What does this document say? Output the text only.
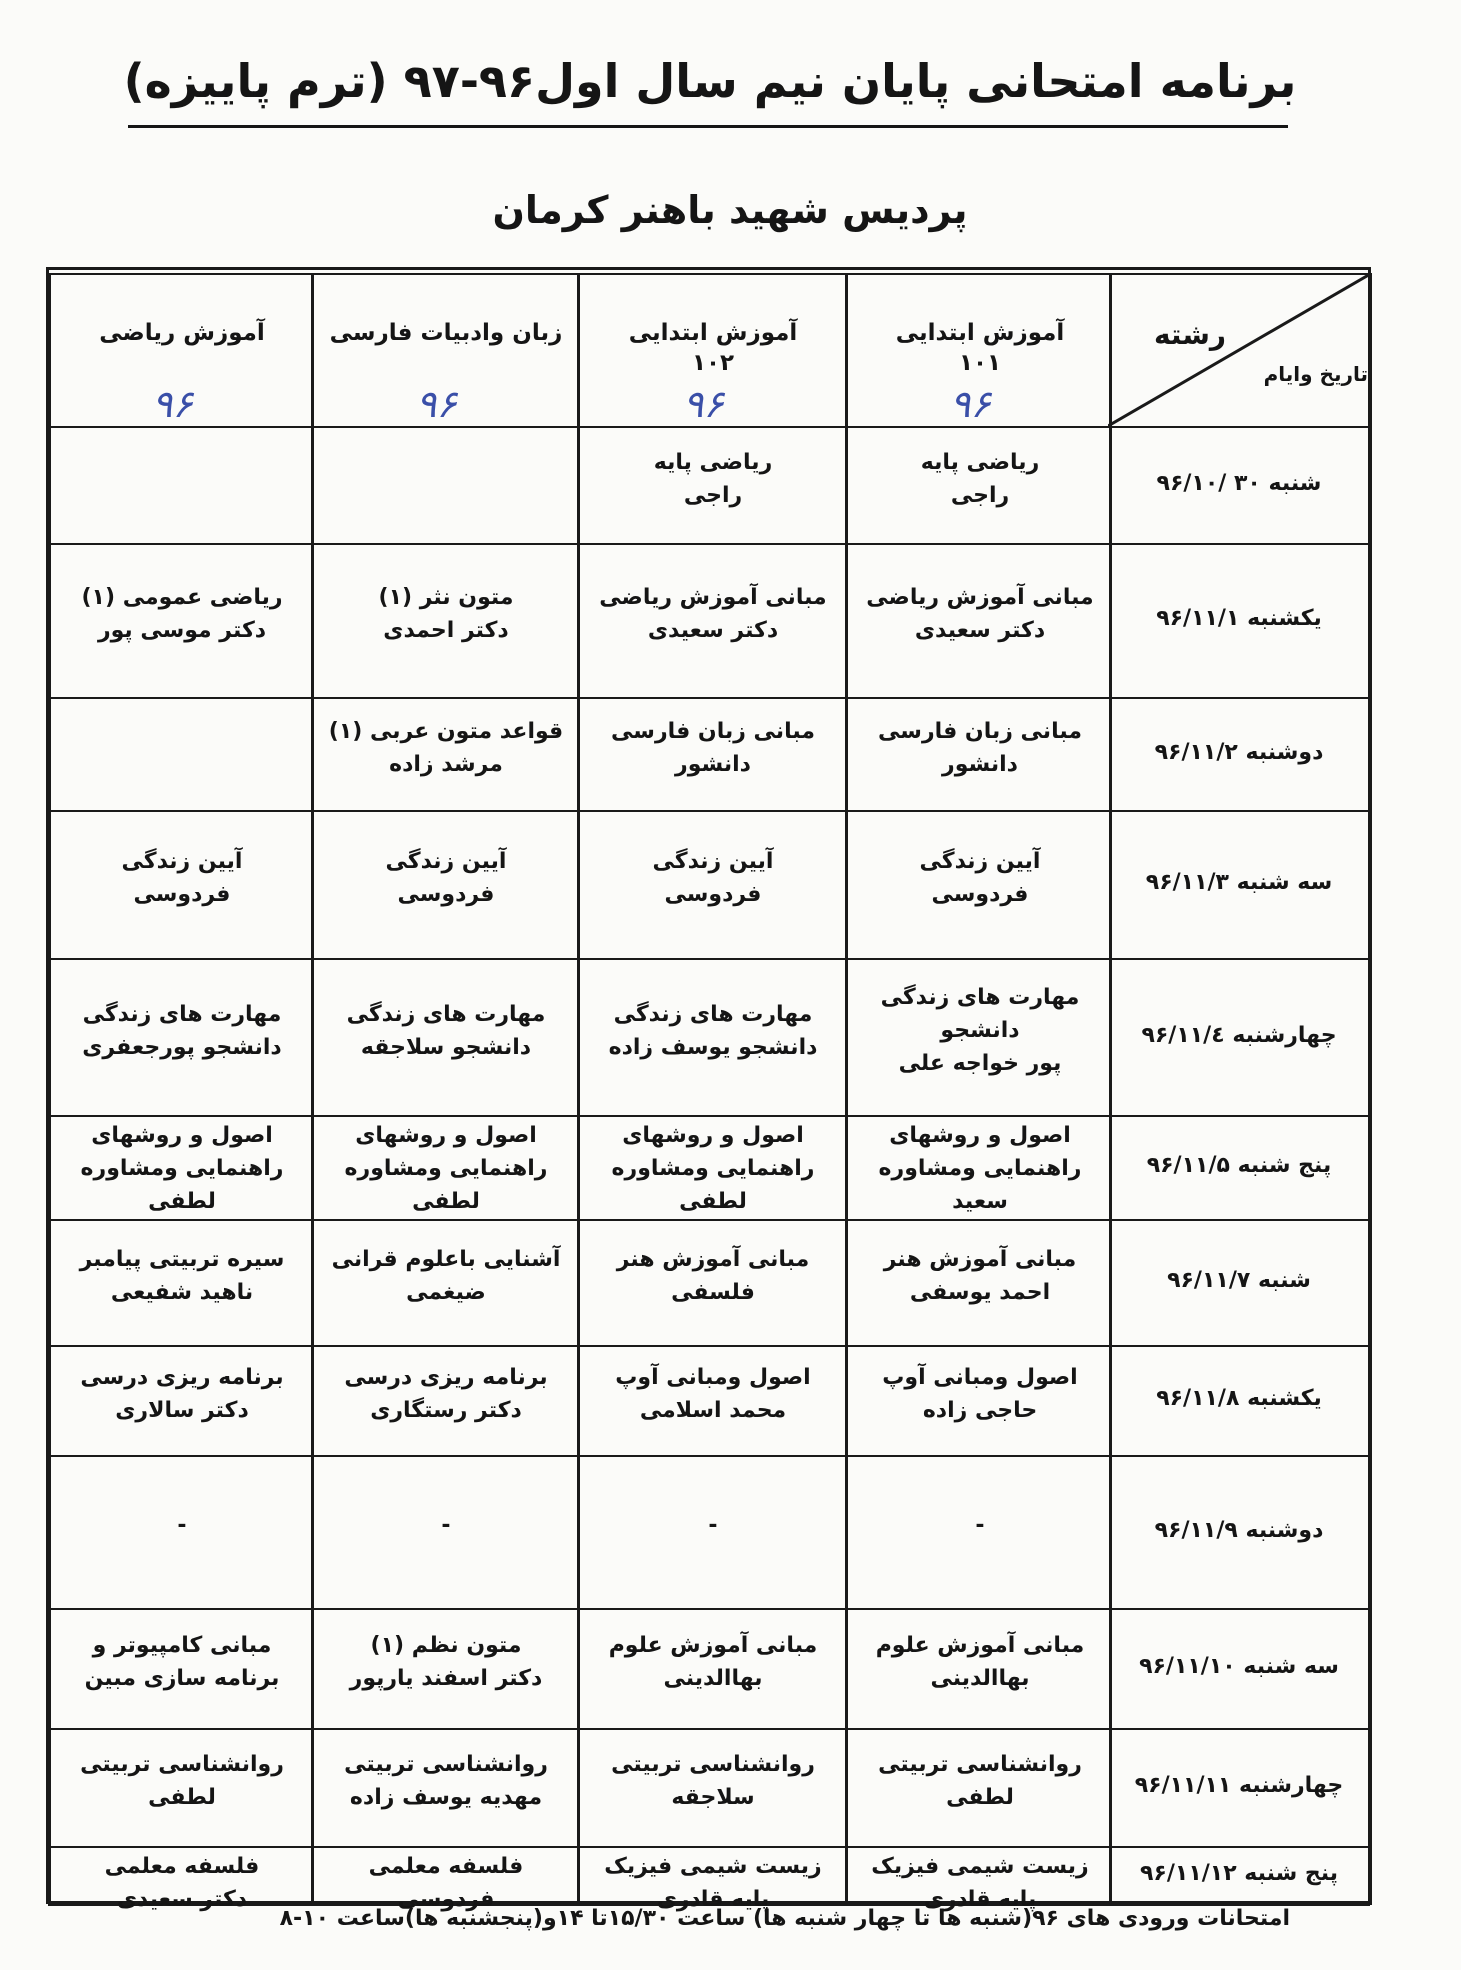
برنامه امتحانی پایان نیم سال اول۹۶-۹۷ (ترم پاییزه)
پردیس شهید باهنر کرمان
رشته
تاریخ وایام
آموزش ابتدایی
۱۰۱
۹۶
آموزش ابتدایی
۱۰۲
۹۶
زبان وادبیات فارسی
۹۶
آموزش ریاضی
۹۶
شنبه ۳۰ /۹۶/۱۰
ریاضی پایه
راجی
ریاضی پایه
راجی
یکشنبه ۹۶/۱۱/۱
مبانی آموزش ریاضی
دکتر سعیدی
مبانی آموزش ریاضی
دکتر سعیدی
متون نثر (۱)
دکتر احمدی
ریاضی عمومی (۱)
دکتر موسی پور
دوشنبه ۹۶/۱۱/۲
مبانی زبان فارسی
دانشور
مبانی زبان فارسی
دانشور
قواعد متون عربی (۱)
مرشد زاده
سه شنبه ۹۶/۱۱/۳
آیین زندگی
فردوسی
آیین زندگی
فردوسی
آیین زندگی
فردوسی
آیین زندگی
فردوسی
چهارشنبه ۹۶/۱۱/٤
مهارت های زندگی
دانشجو
پور خواجه علی
مهارت های زندگی
دانشجو یوسف زاده
مهارت های زندگی
دانشجو سلاجقه
مهارت های زندگی
دانشجو پورجعفری
پنج شنبه ۹۶/۱۱/۵
اصول و روشهای
راهنمایی ومشاوره
سعید
اصول و روشهای
راهنمایی ومشاوره
لطفی
اصول و روشهای
راهنمایی ومشاوره
لطفی
اصول و روشهای
راهنمایی ومشاوره
لطفی
شنبه ۹۶/۱۱/۷
مبانی آموزش هنر
احمد یوسفی
مبانی آموزش هنر
فلسفی
آشنایی باعلوم قرانی
ضیغمی
سیره تربیتی پیامبر
ناهید شفیعی
یکشنبه ۹۶/۱۱/۸
اصول ومبانی آوپ
حاجی زاده
اصول ومبانی آوپ
محمد اسلامی
برنامه ریزی درسی
دکتر رستگاری
برنامه ریزی درسی
دکتر سالاری
دوشنبه ۹۶/۱۱/۹
-
-
-
-
سه شنبه ۹۶/۱۱/۱۰
مبانی آموزش علوم
بهاالدینی
مبانی آموزش علوم
بهاالدینی
متون نظم (۱)
دکتر اسفند یارپور
مبانی کامپیوتر و
برنامه سازی مبین
چهارشنبه ۹۶/۱۱/۱۱
روانشناسی تربیتی
لطفی
روانشناسی تربیتی
سلاجقه
روانشناسی تربیتی
مهدیه یوسف زاده
روانشناسی تربیتی
لطفی
پنج شنبه ۹۶/۱۱/۱۲
زیست شیمی فیزیک
پایه قادری
زیست شیمی فیزیک
پایه قادری
فلسفه معلمی
فردوسی
فلسفه معلمی
دکتر سعیدی
امتحانات ورودی های ۹۶(شنبه ها تا چهار شنبه ها) ساعت ۱۵/۳۰تا ۱۴و(پنجشنبه ها)ساعت ۱۰-۸
